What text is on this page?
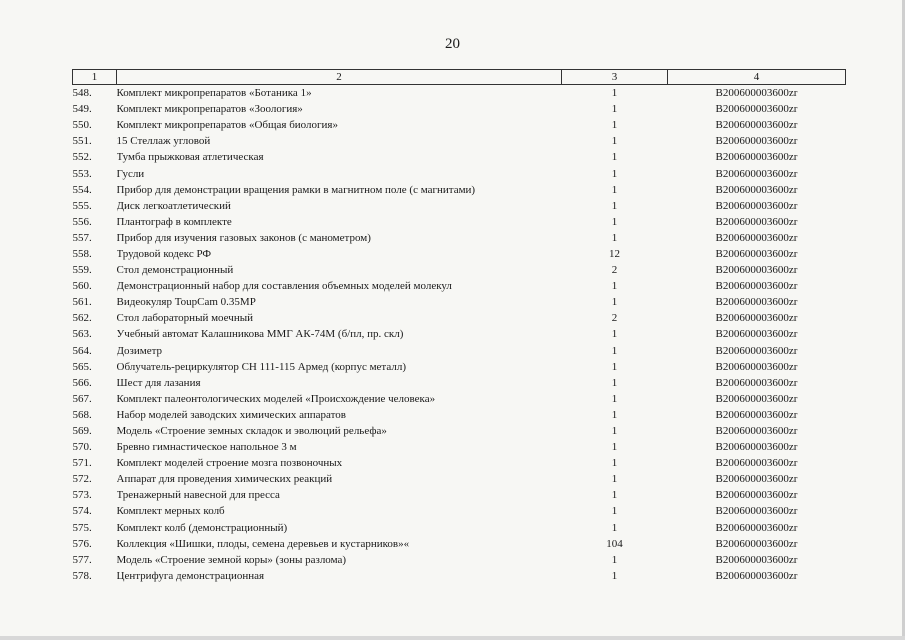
20
1	2	3	4
548.	Комплект микропрепаратов «Ботаника 1»	1	B200600003600zr
549.	Комплект микропрепаратов «Зоология»	1	B200600003600zr
550.	Комплект микропрепаратов «Общая биология»	1	B200600003600zr
551.	15 Стеллаж угловой	1	B200600003600zr
552.	Тумба прыжковая атлетическая	1	B200600003600zr
553.	Гусли	1	B200600003600zr
554.	Прибор для демонстрации вращения рамки в магнитном поле (с магнитами)	1	B200600003600zr
555.	Диск легкоатлетический	1	B200600003600zr
556.	Плантограф в комплекте	1	B200600003600zr
557.	Прибор для изучения газовых законов (с манометром)	1	B200600003600zr
558.	Трудовой кодекс РФ	12	B200600003600zr
559.	Стол демонстрационный	2	B200600003600zr
560.	Демонстрационный набор для составления объемных моделей молекул	1	B200600003600zr
561.	Видеокуляр ToupCam 0.35MP	1	B200600003600zr
562.	Стол лабораторный моечный	2	B200600003600zr
563.	Учебный автомат Калашникова ММГ АК-74М (б/пл, пр. скл)	1	B200600003600zr
564.	Дозиметр	1	B200600003600zr
565.	Облучатель-рециркулятор СН 111-115 Армед (корпус металл)	1	B200600003600zr
566.	Шест для лазания	1	B200600003600zr
567.	Комплект палеонтологических моделей «Происхождение человека»	1	B200600003600zr
568.	Набор моделей заводских химических аппаратов	1	B200600003600zr
569.	Модель «Строение земных складок и эволюций рельефа»	1	B200600003600zr
570.	Бревно гимнастическое напольное 3 м	1	B200600003600zr
571.	Комплект моделей строение мозга позвоночных	1	B200600003600zr
572.	Аппарат для проведения химических реакций	1	B200600003600zr
573.	Тренажерный навесной для пресса	1	B200600003600zr
574.	Комплект мерных колб	1	B200600003600zr
575.	Комплект колб (демонстрационный)	1	B200600003600zr
576.	Коллекция «Шишки, плоды, семена деревьев и кустарников»«	104	B200600003600zr
577.	Модель «Строение земной коры» (зоны разлома)	1	B200600003600zr
578.	Центрифуга демонстрационная	1	B200600003600zr
